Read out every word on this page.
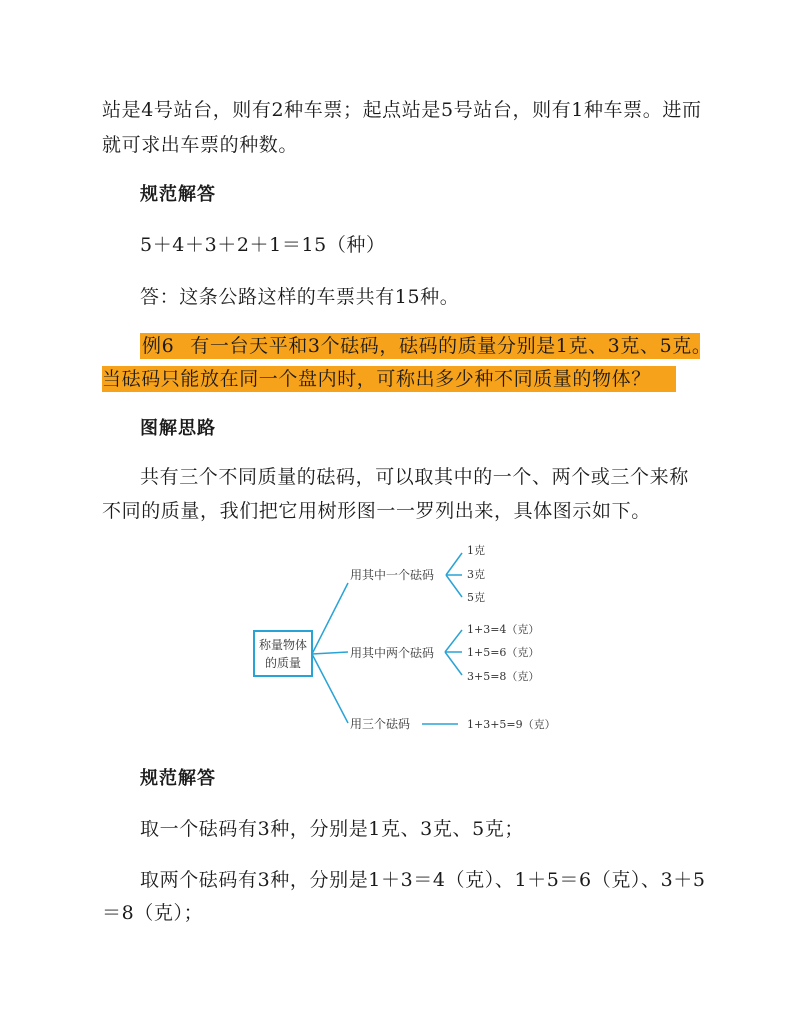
站是4号站台，则有2种车票；起点站是5号站台，则有1种车票。进而
就可求出车票的种数。
规范解答
5＋4＋3＋2＋1＝15（种）
答：这条公路这样的车票共有15种。
例6 有一台天平和3个砝码，砝码的质量分别是1克、3克、5克。
当砝码只能放在同一个盘内时，可称出多少种不同质量的物体？
图解思路
共有三个不同质量的砝码，可以取其中的一个、两个或三个来称
不同的质量，我们把它用树形图一一罗列出来，具体图示如下。
称量物体
的质量
用其中一个砝码
1克
3克
5克
用其中两个砝码
1+3=4（克）
1+5=6（克）
3+5=8（克）
用三个砝码	1+3+5=9（克）
规范解答
取一个砝码有3种，分别是1克、3克、5克；
取两个砝码有3种，分别是1＋3＝4（克）、1＋5＝6（克）、3＋5
＝8（克）；
